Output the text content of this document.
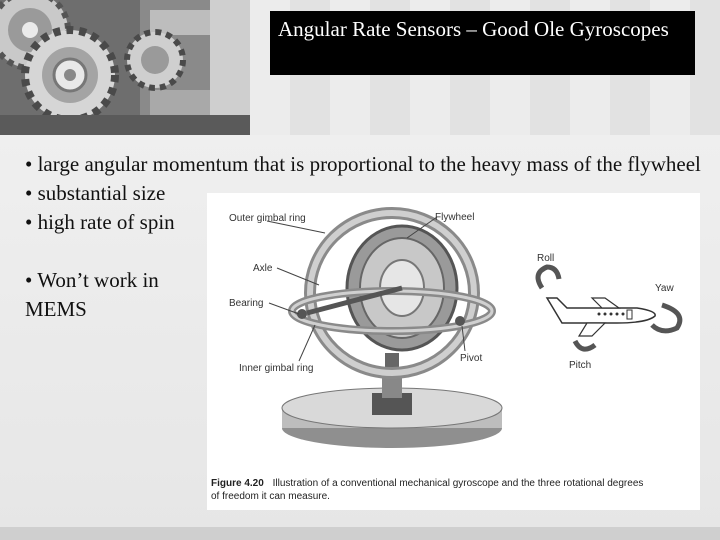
Angular Rate Sensors – Good Ole Gyroscopes

• large angular momentum that is proportional to the heavy mass of the flywheel

• substantial size

• high rate of spin

• Won’t work in MEMS

Outer gimbal ring	Flywheel
Axle
Bearing
Inner gimbal ring
Pivot
Roll
Yaw
Pitch
Figure 4.20 Illustration of a conventional mechanical gyroscope and the three rotational degrees
of freedom it can measure.
